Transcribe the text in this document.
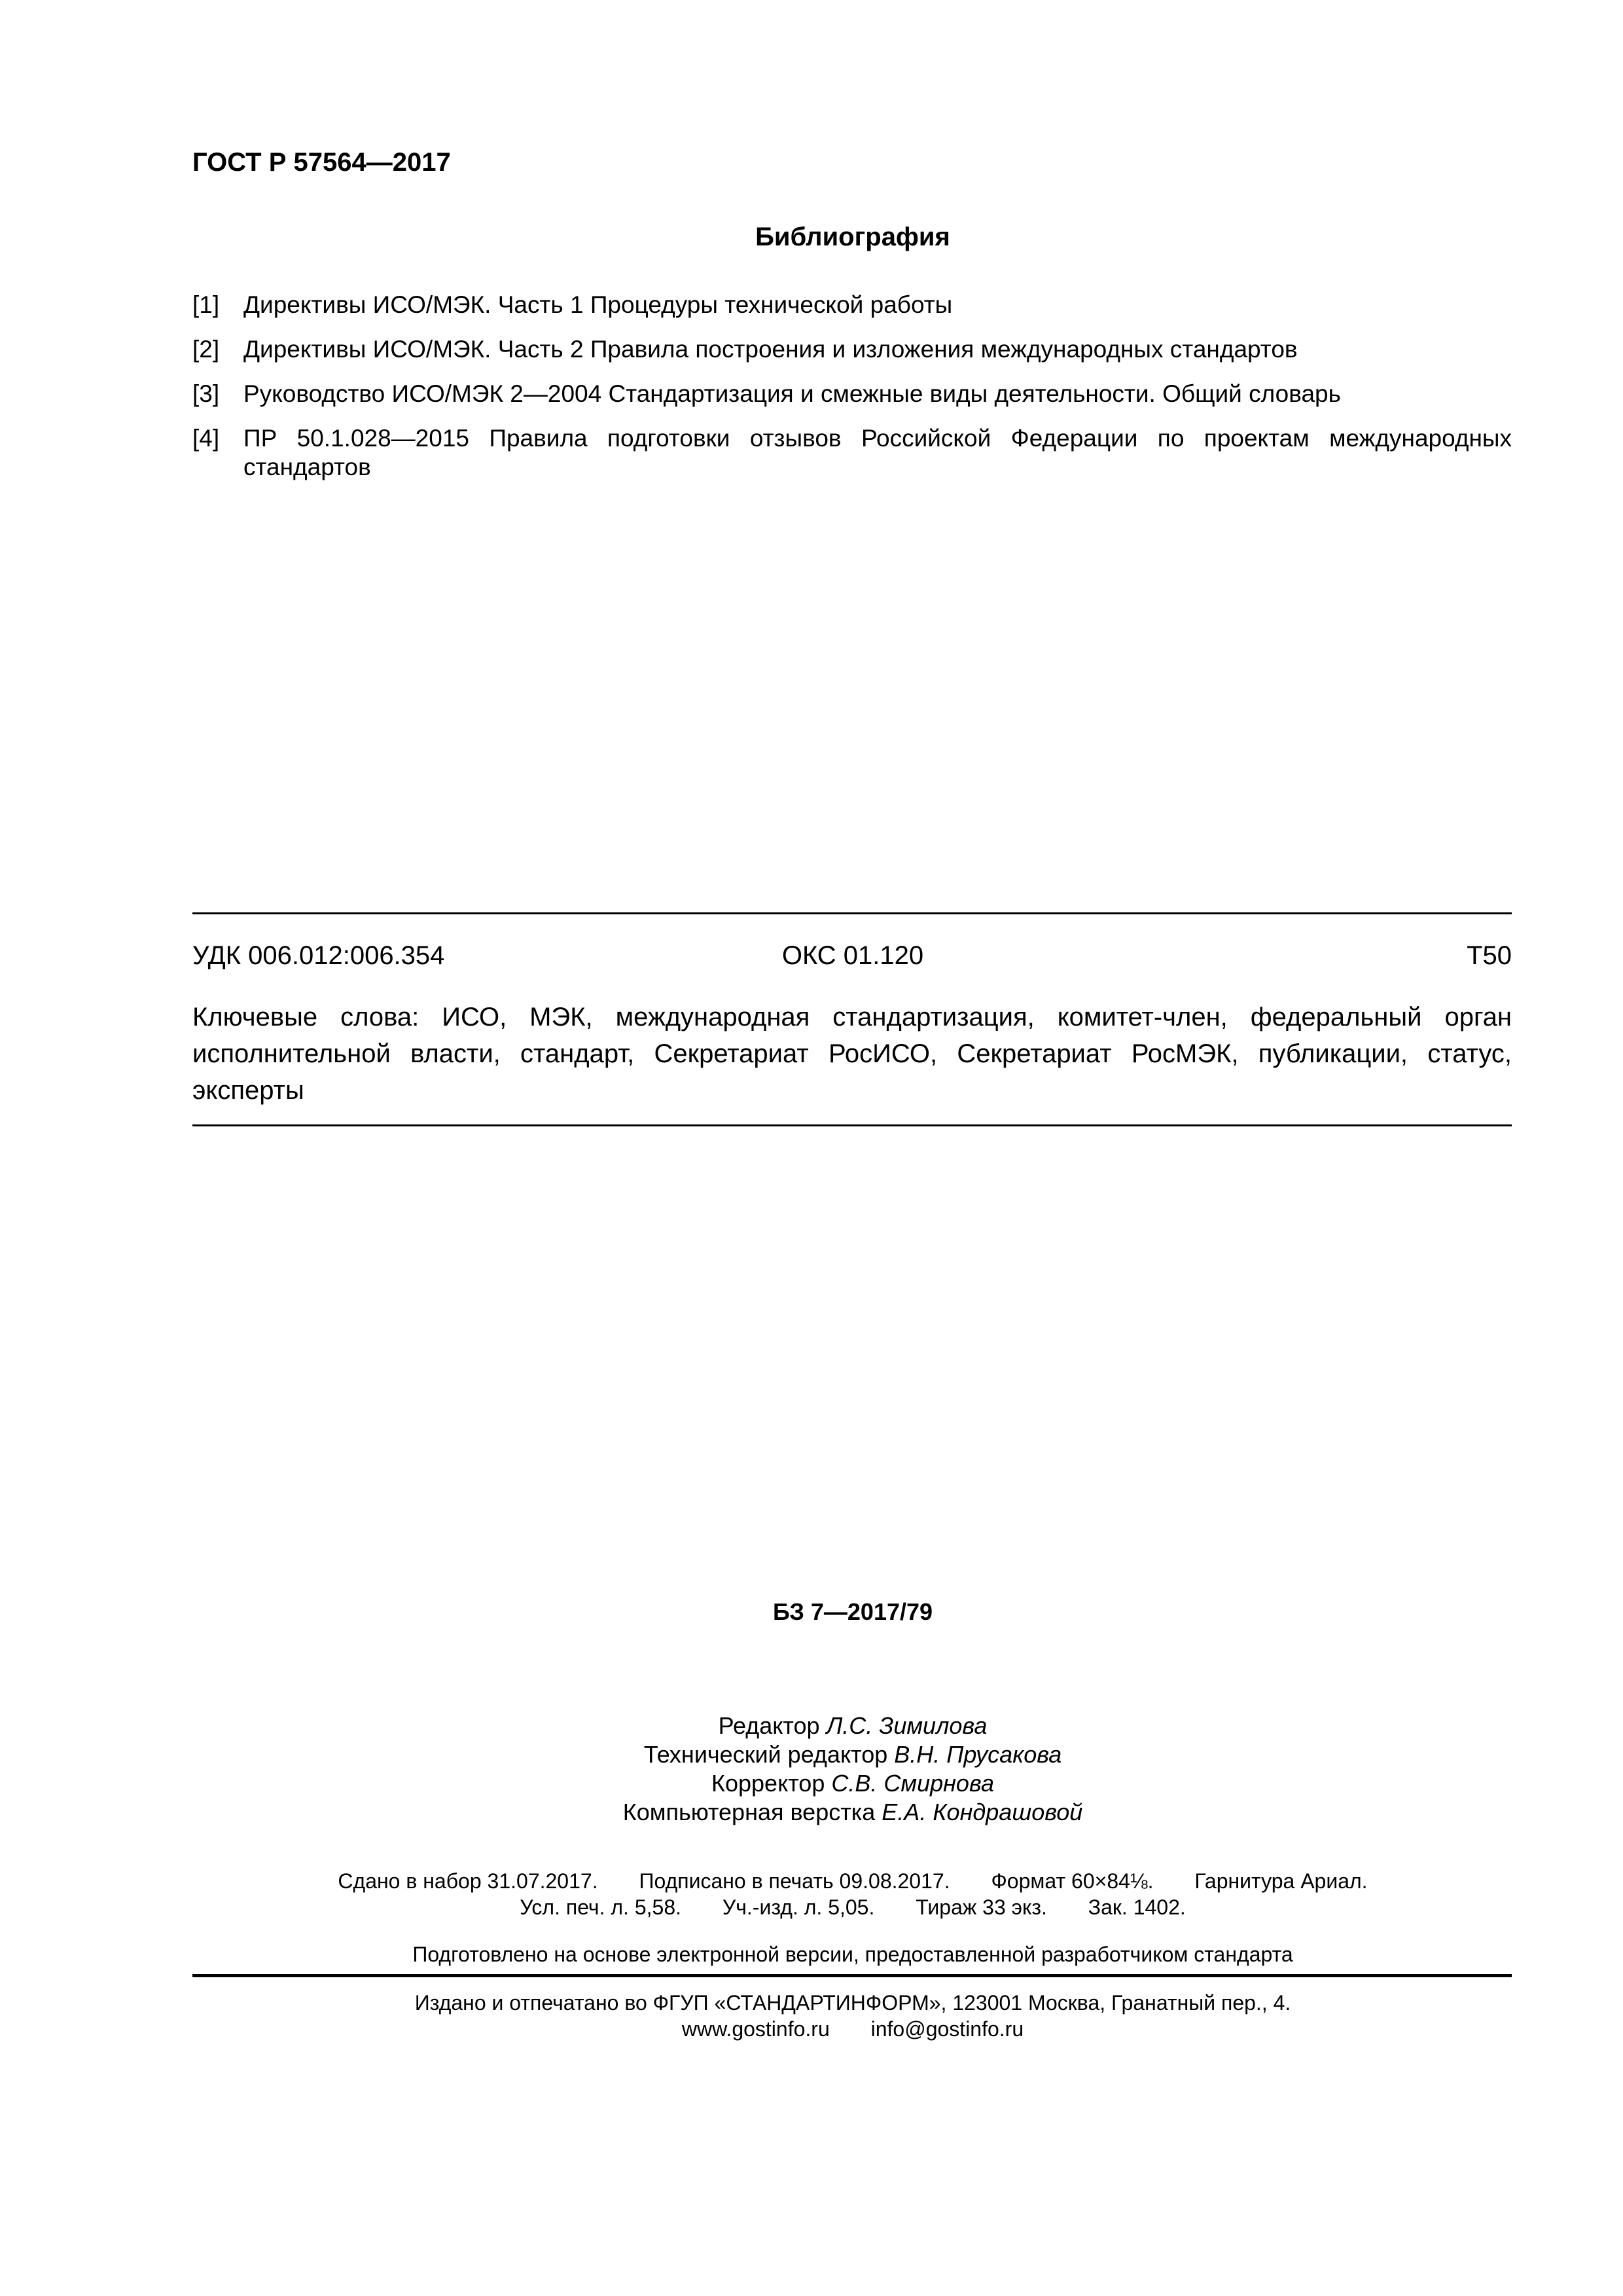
ГОСТ Р 57564—2017
Библиография
[1] Директивы ИСО/МЭК. Часть 1 Процедуры технической работы
[2] Директивы ИСО/МЭК. Часть 2 Правила построения и изложения международных стандартов
[3] Руководство ИСО/МЭК 2—2004 Стандартизация и смежные виды деятельности. Общий словарь
[4] ПР 50.1.028—2015 Правила подготовки отзывов Российской Федерации по проектам международных стандартов
УДК 006.012:006.354	ОКС 01.120	Т50
Ключевые слова: ИСО, МЭК, международная стандартизация, комитет-член, федеральный орган исполнительной власти, стандарт, Секретариат РосИСО, Секретариат РосМЭК, публикации, статус, эксперты
БЗ 7—2017/79
Редактор Л.С. Зимилова
Технический редактор В.Н. Прусакова
Корректор С.В. Смирнова
Компьютерная верстка Е.А. Кондрашовой
Сдано в набор 31.07.2017. Подписано в печать 09.08.2017. Формат 60×84⅛. Гарнитура Ариал.
Усл. печ. л. 5,58. Уч.-изд. л. 5,05. Тираж 33 экз. Зак. 1402.
Подготовлено на основе электронной версии, предоставленной разработчиком стандарта
Издано и отпечатано во ФГУП «СТАНДАРТИНФОРМ», 123001 Москва, Гранатный пер., 4.
www.gostinfo.ru info@gostinfo.ru
